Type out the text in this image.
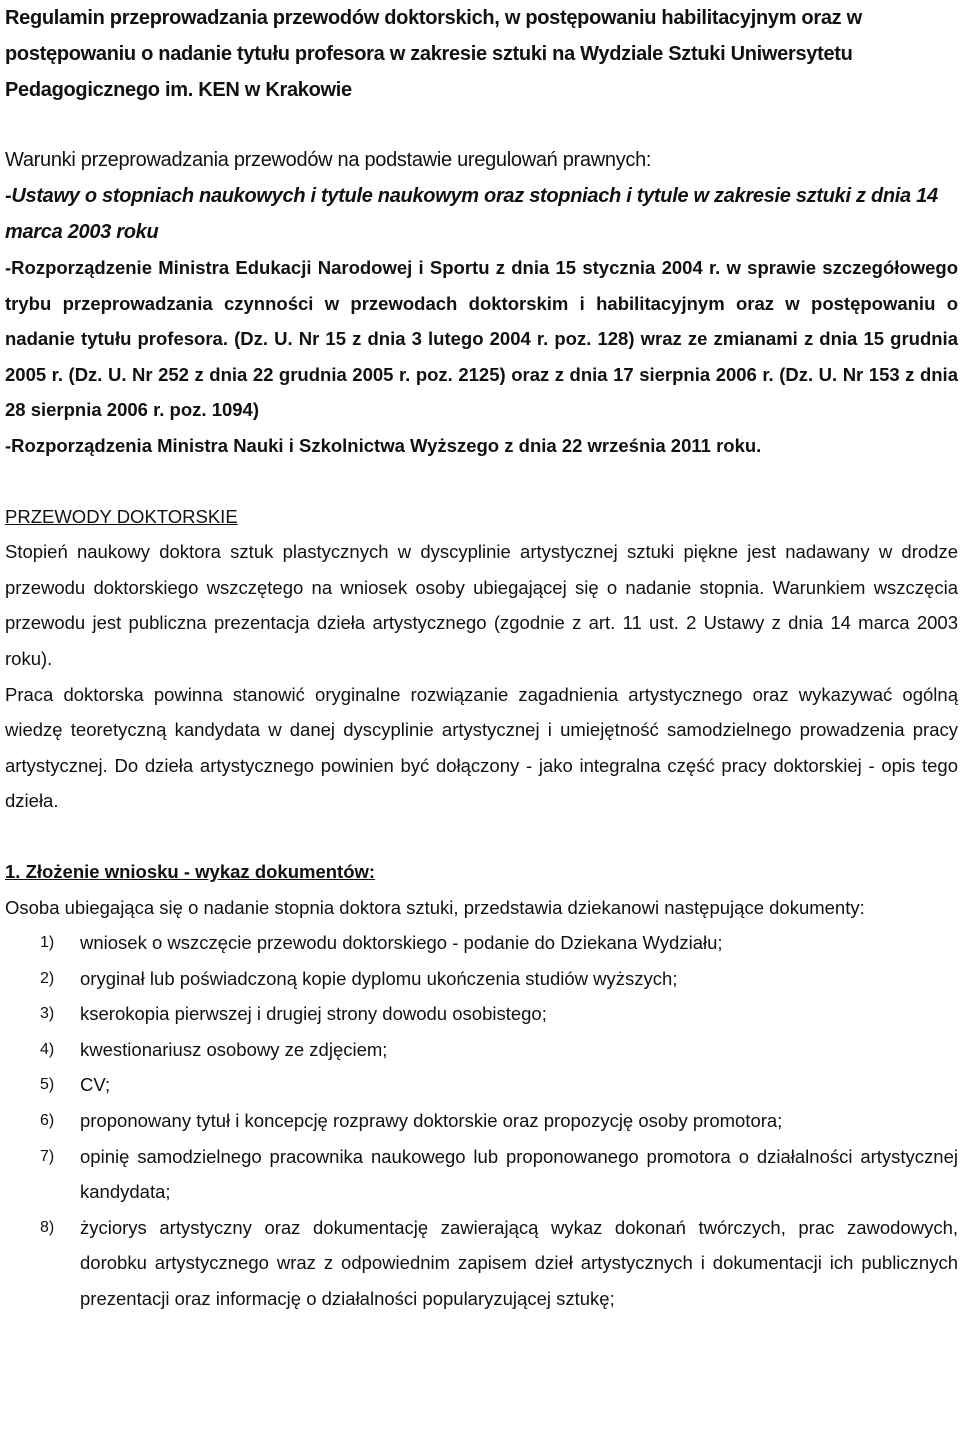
Regulamin przeprowadzania przewodów doktorskich, w postępowaniu habilitacyjnym oraz w postępowaniu o nadanie tytułu profesora w zakresie sztuki na Wydziale Sztuki Uniwersytetu Pedagogicznego im. KEN w Krakowie

Warunki przeprowadzania przewodów na podstawie uregulowań prawnych:

-Ustawy o stopniach naukowych i tytule naukowym oraz stopniach i tytule w zakresie sztuki z dnia 14 marca 2003 roku

-Rozporządzenie Ministra Edukacji Narodowej i Sportu z dnia 15 stycznia 2004 r. w sprawie szczegółowego trybu przeprowadzania czynności w przewodach doktorskim i habilitacyjnym oraz w postępowaniu o nadanie tytułu profesora. (Dz. U. Nr 15 z dnia 3 lutego 2004 r. poz. 128) wraz ze zmianami z dnia 15 grudnia 2005 r. (Dz. U. Nr 252 z dnia 22 grudnia 2005 r. poz. 2125) oraz z dnia 17 sierpnia 2006 r. (Dz. U. Nr 153 z dnia 28 sierpnia 2006 r. poz. 1094)

-Rozporządzenia Ministra Nauki i Szkolnictwa Wyższego z dnia 22 września 2011 roku.

PRZEWODY DOKTORSKIE

Stopień naukowy doktora sztuk plastycznych w dyscyplinie artystycznej sztuki piękne jest nadawany w drodze przewodu doktorskiego wszczętego na wniosek osoby ubiegającej się o nadanie stopnia. Warunkiem wszczęcia przewodu jest publiczna prezentacja dzieła artystycznego (zgodnie z art. 11 ust. 2 Ustawy z dnia 14 marca 2003 roku).

Praca doktorska powinna stanowić oryginalne rozwiązanie zagadnienia artystycznego oraz wykazywać ogólną wiedzę teoretyczną kandydata w danej dyscyplinie artystycznej i umiejętność samodzielnego prowadzenia pracy artystycznej. Do dzieła artystycznego powinien być dołączony - jako integralna część pracy doktorskiej - opis tego dzieła.

1. Złożenie wniosku - wykaz dokumentów:

Osoba ubiegająca się o nadanie stopnia doktora sztuki, przedstawia dziekanowi następujące dokumenty:

1)	wniosek o wszczęcie przewodu doktorskiego - podanie do Dziekana Wydziału;
2)	oryginał lub poświadczoną kopie dyplomu ukończenia studiów wyższych;
3)	kserokopia pierwszej i drugiej strony dowodu osobistego;
4)	kwestionariusz osobowy ze zdjęciem;
5)	CV;
6)	proponowany tytuł i koncepcję rozprawy doktorskie oraz propozycję osoby promotora;
7)	opinię samodzielnego pracownika naukowego lub proponowanego promotora o działalności artystycznej kandydata;
8)	życiorys artystyczny oraz dokumentację zawierającą wykaz dokonań twórczych, prac zawodowych, dorobku artystycznego wraz z odpowiednim zapisem dzieł artystycznych i dokumentacji ich publicznych prezentacji oraz informację o działalności popularyzującej sztukę;
